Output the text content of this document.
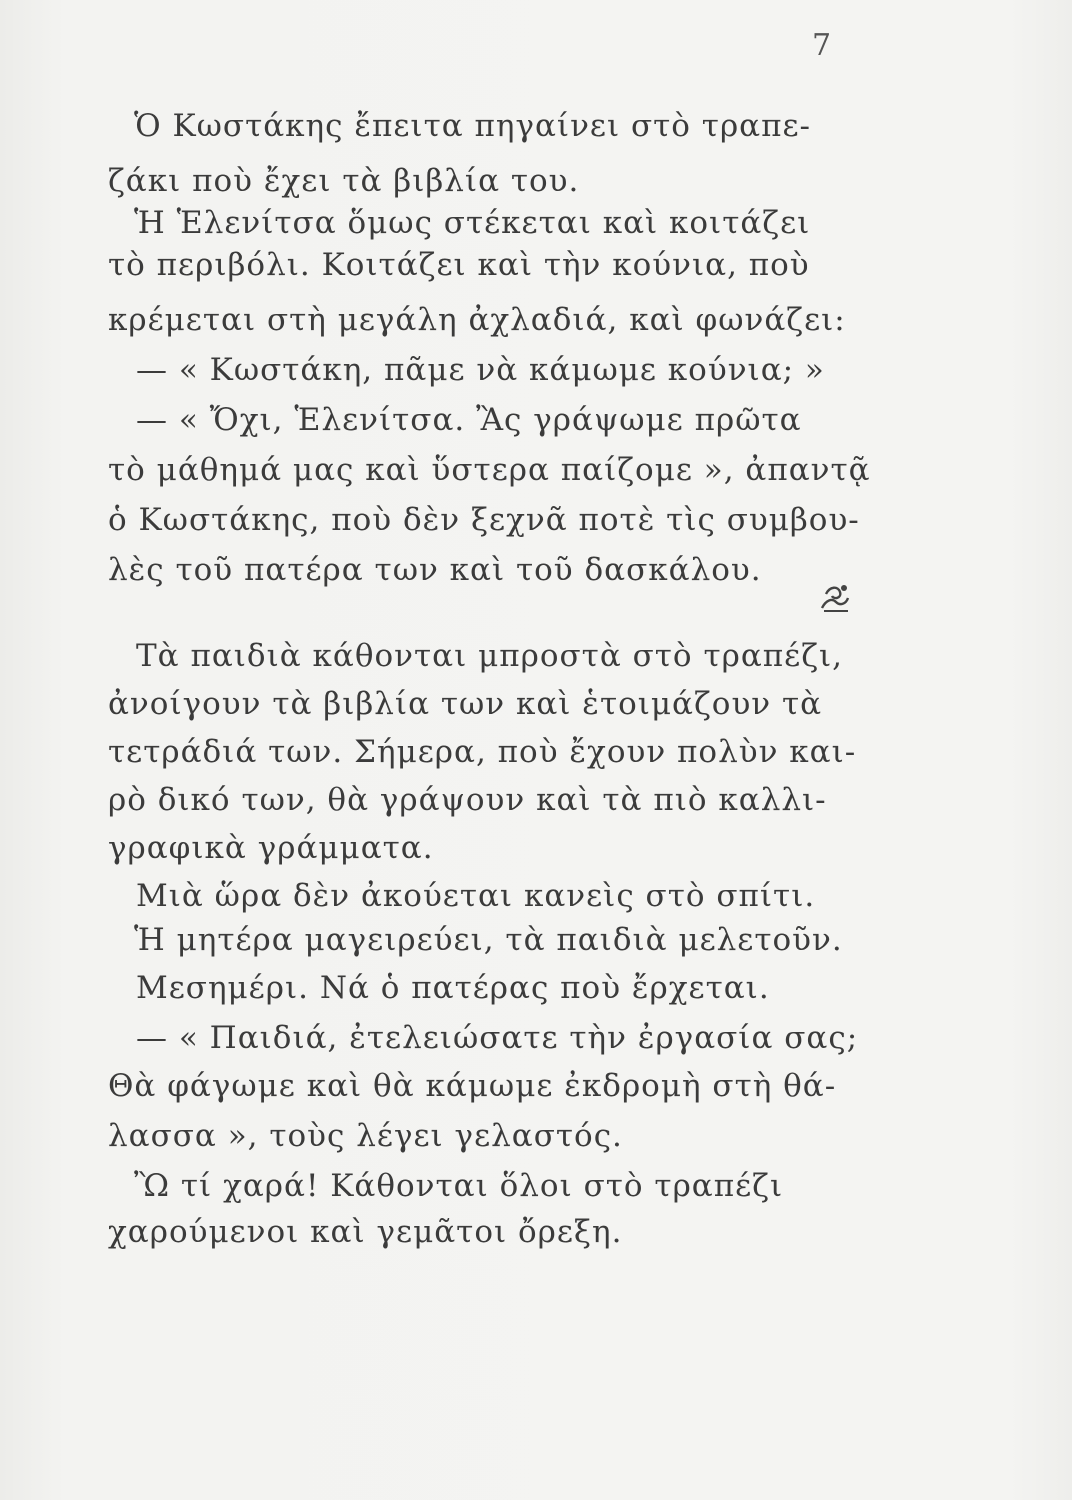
7
Ὁ Κωστάκης ἔπειτα πηγαίνει στὸ τραπε-
ζάκι ποὺ ἔχει τὰ βιβλία του.
Ἡ Ἑλενίτσα ὅμως στέκεται καὶ κοιτάζει
τὸ περιβόλι. Κοιτάζει καὶ τὴν κούνια, ποὺ
κρέμεται στὴ μεγάλη ἀχλαδιά, καὶ φωνάζει:
— « Κωστάκη, πᾶμε νὰ κάμωμε κούνια; »
— « Ὄχι, Ἑλενίτσα. Ἂς γράψωμε πρῶτα
τὸ μάθημά μας καὶ ὕστερα παίζομε », ἀπαντᾷ
ὁ Κωστάκης, ποὺ δὲν ξεχνᾶ ποτὲ τὶς συμβου-
λὲς τοῦ πατέρα των καὶ τοῦ δασκάλου.
Τὰ παιδιὰ κάθονται μπροστὰ στὸ τραπέζι,
ἀνοίγουν τὰ βιβλία των καὶ ἑτοιμάζουν τὰ
τετράδιά των. Σήμερα, ποὺ ἔχουν πολὺν και-
ρὸ δικό των, θὰ γράψουν καὶ τὰ πιὸ καλλι-
γραφικὰ γράμματα.
Μιὰ ὥρα δὲν ἀκούεται κανεὶς στὸ σπίτι.
Ἡ μητέρα μαγειρεύει, τὰ παιδιὰ μελετοῦν.
Μεσημέρι. Νά ὁ πατέρας ποὺ ἔρχεται.
— « Παιδιά, ἐτελειώσατε τὴν ἐργασία σας;
Θὰ φάγωμε καὶ θὰ κάμωμε ἐκδρομὴ στὴ θά-
λασσα », τοὺς λέγει γελαστός.
Ὢ τί χαρά! Κάθονται ὅλοι στὸ τραπέζι
χαρούμενοι καὶ γεμᾶτοι ὄρεξη.
